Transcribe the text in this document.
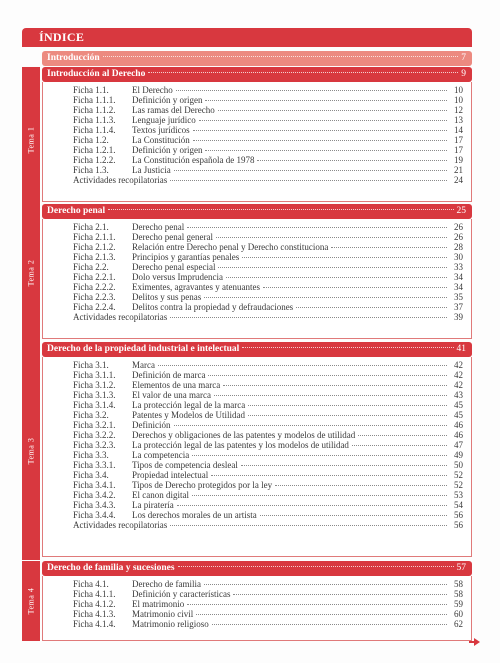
ÍNDICE
Introducción	7
Tema 1
Introducción al Derecho	9
Ficha 1.1.	El Derecho	10
Ficha 1.1.1.	Definición y origen	10
Ficha 1.1.2.	Las ramas del Derecho	12
Ficha 1.1.3.	Lenguaje jurídico	13
Ficha 1.1.4.	Textos jurídicos	14
Ficha 1.2.	La Constitución	17
Ficha 1.2.1.	Definición y origen	17
Ficha 1.2.2.	La Constitución española de 1978	19
Ficha 1.3.	La Justicia	21
Actividades recopilatorias	24
Tema 2
Derecho penal	25
Ficha 2.1.	Derecho penal	26
Ficha 2.1.1.	Derecho penal general	26
Ficha 2.1.2.	Relación entre Derecho penal y Derecho constituciona	28
Ficha 2.1.3.	Principios y garantías penales	30
Ficha 2.2.	Derecho penal especial	33
Ficha 2.2.1.	Dolo versus Imprudencia	34
Ficha 2.2.2.	Eximentes, agravantes y atenuantes	34
Ficha 2.2.3.	Delitos y sus penas	35
Ficha 2.2.4.	Delitos contra la propiedad y defraudaciones	37
Actividades recopilatorias	39
Tema 3
Derecho de la propiedad industrial e intelectual	41
Ficha 3.1.	Marca	42
Ficha 3.1.1.	Definición de marca	42
Ficha 3.1.2.	Elementos de una marca	42
Ficha 3.1.3.	El valor de una marca	43
Ficha 3.1.4.	La protección legal de la marca	45
Ficha 3.2.	Patentes y Modelos de Utilidad	45
Ficha 3.2.1.	Definición	46
Ficha 3.2.2.	Derechos y obligaciones de las patentes y modelos de utilidad	46
Ficha 3.2.3.	La protección legal de las patentes y los modelos de utilidad	47
Ficha 3.3.	La competencia	49
Ficha 3.3.1.	Tipos de competencia desleal	50
Ficha 3.4.	Propiedad intelectual	52
Ficha 3.4.1.	Tipos de Derecho protegidos por la ley	52
Ficha 3.4.2.	El canon digital	53
Ficha 3.4.3.	La piratería	54
Ficha 3.4.4.	Los derechos morales de un artista	56
Actividades recopilatorias	56
Tema 4
Derecho de familia y sucesiones	57
Ficha 4.1.	Derecho de familia	58
Ficha 4.1.1.	Definición y características	58
Ficha 4.1.2.	El matrimonio	59
Ficha 4.1.3.	Matrimonio civil	60
Ficha 4.1.4.	Matrimonio religioso	62
